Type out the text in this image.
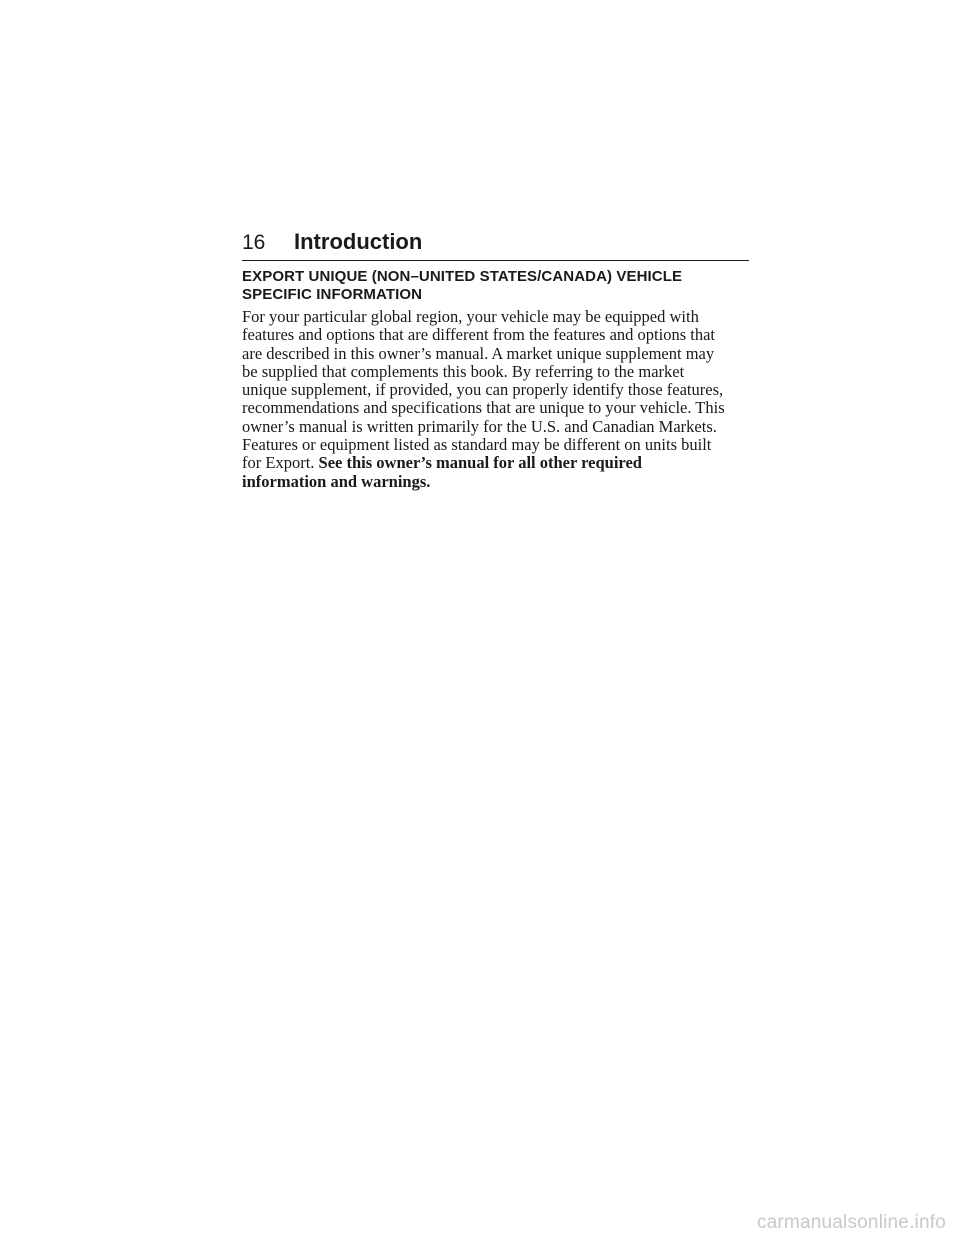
16 Introduction
EXPORT UNIQUE (NON–UNITED STATES/CANADA) VEHICLE
SPECIFIC INFORMATION
For your particular global region, your vehicle may be equipped with
features and options that are different from the features and options that
are described in this owner’s manual. A market unique supplement may
be supplied that complements this book. By referring to the market
unique supplement, if provided, you can properly identify those features,
recommendations and specifications that are unique to your vehicle. This
owner’s manual is written primarily for the U.S. and Canadian Markets.
Features or equipment listed as standard may be different on units built
for Export. See this owner’s manual for all other required
information and warnings.
carmanualsonline.info
